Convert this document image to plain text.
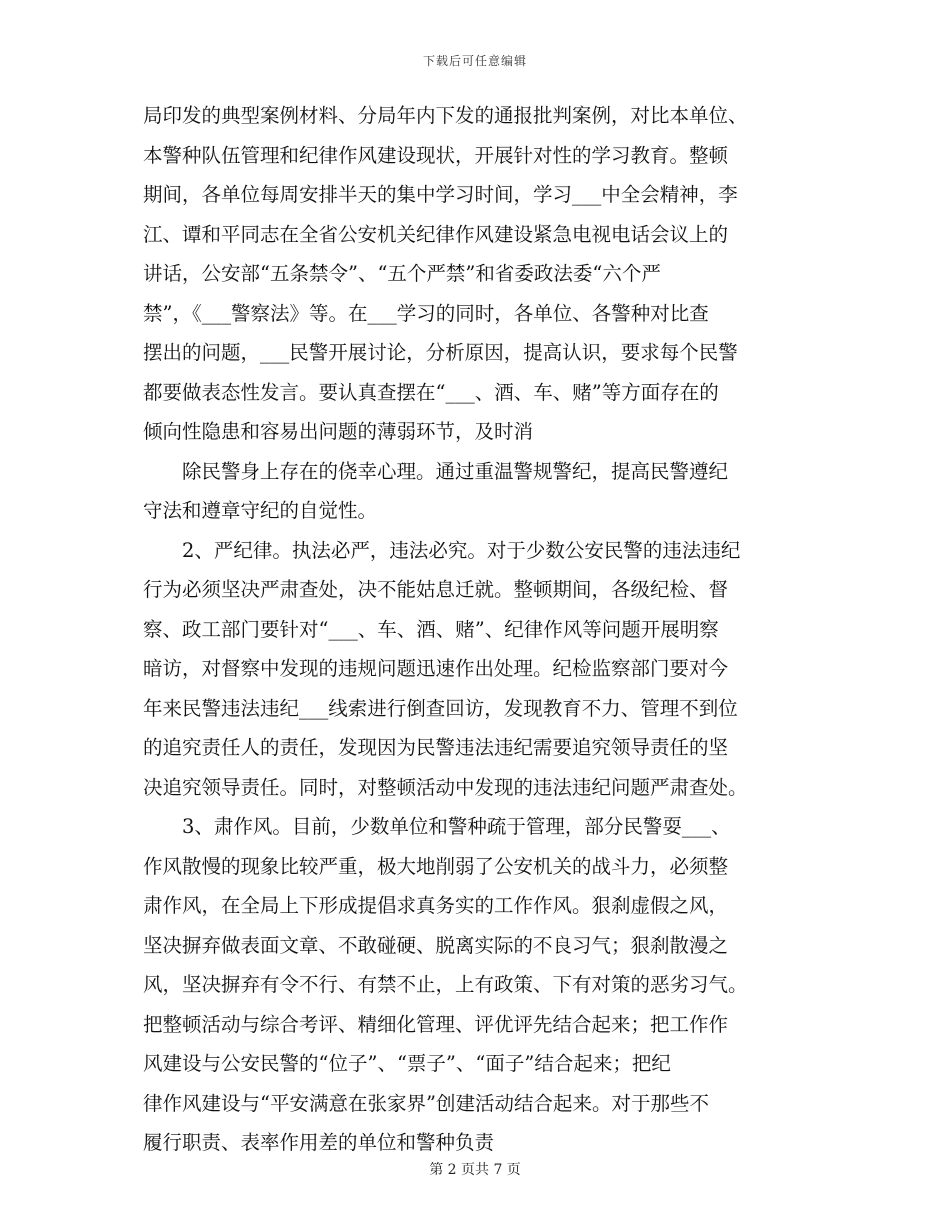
下载后可任意编辑
局印发的典型案例材料、分局年内下发的通报批判案例，对比本单位、
本警种队伍管理和纪律作风建设现状，开展针对性的学习教育。整顿
期间，各单位每周安排半天的集中学习时间，学习___中全会精神，李
江、谭和平同志在全省公安机关纪律作风建设紧急电视电话会议上的
讲话，公安部“五条禁令”、“五个严禁”和省委政法委“六个严
禁”，《___警察法》等。在___学习的同时，各单位、各警种对比查
摆出的问题，___民警开展讨论，分析原因，提高认识，要求每个民警
都要做表态性发言。要认真查摆在“___、酒、车、赌”等方面存在的
倾向性隐患和容易出问题的薄弱环节，及时消
除民警身上存在的侥幸心理。通过重温警规警纪，提高民警遵纪
守法和遵章守纪的自觉性。
2、严纪律。执法必严，违法必究。对于少数公安民警的违法违纪
行为必须坚决严肃查处，决不能姑息迁就。整顿期间，各级纪检、督
察、政工部门要针对“___、车、酒、赌”、纪律作风等问题开展明察
暗访，对督察中发现的违规问题迅速作出处理。纪检监察部门要对今
年来民警违法违纪___线索进行倒查回访，发现教育不力、管理不到位
的追究责任人的责任，发现因为民警违法违纪需要追究领导责任的坚
决追究领导责任。同时，对整顿活动中发现的违法违纪问题严肃查处。
3、肃作风。目前，少数单位和警种疏于管理，部分民警耍___、
作风散慢的现象比较严重，极大地削弱了公安机关的战斗力，必须整
肃作风，在全局上下形成提倡求真务实的工作作风。狠刹虚假之风，
坚决摒弃做表面文章、不敢碰硬、脱离实际的不良习气；狠刹散漫之
风，坚决摒弃有令不行、有禁不止，上有政策、下有对策的恶劣习气。
把整顿活动与综合考评、精细化管理、评优评先结合起来；把工作作
风建设与公安民警的“位子”、“票子”、“面子”结合起来；把纪
律作风建设与“平安满意在张家界”创建活动结合起来。对于那些不
履行职责、表率作用差的单位和警种负责
第 2 页共 7 页
